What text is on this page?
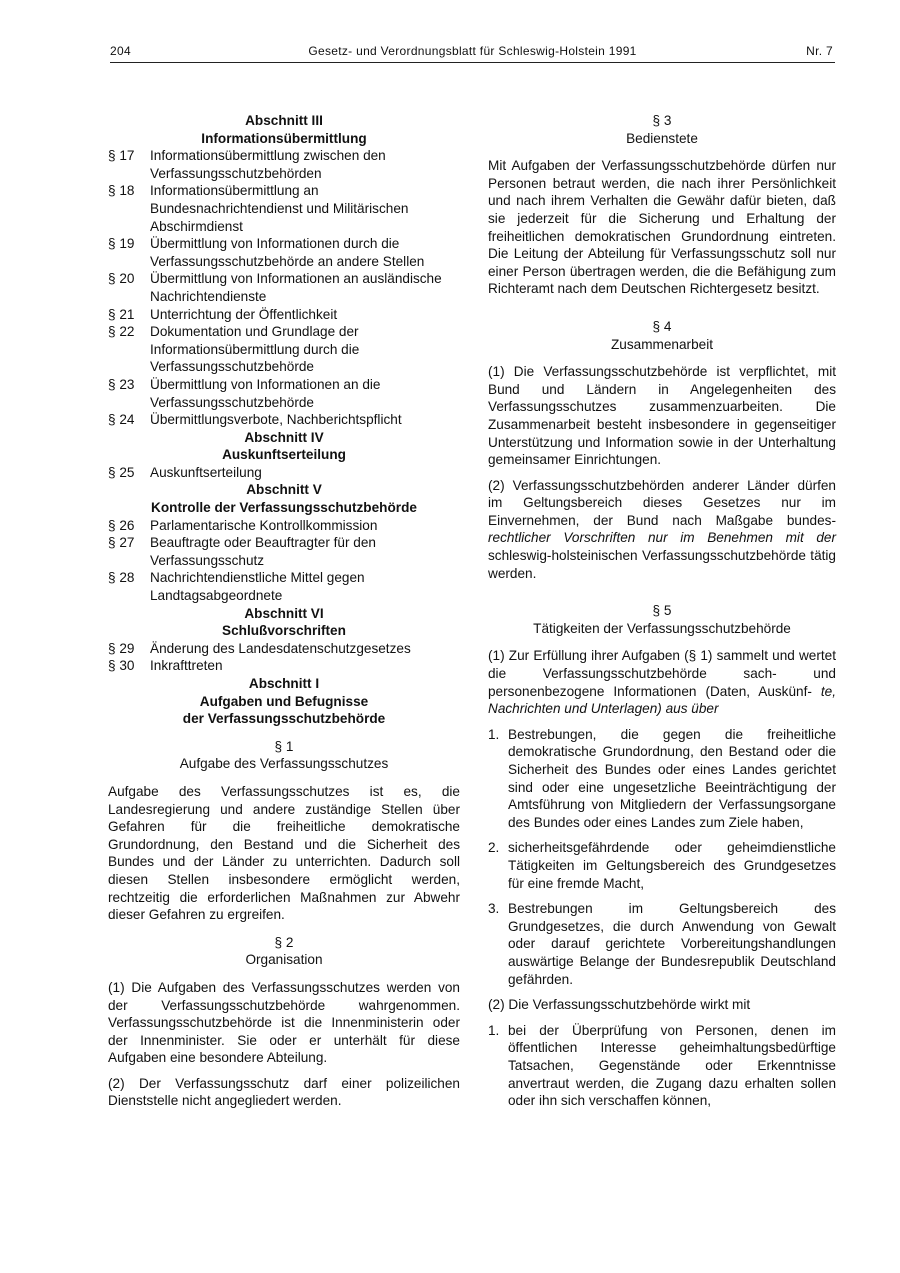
204	Gesetz- und Verordnungsblatt für Schleswig-Holstein 1991	Nr. 7

Abschnitt III

Informationsübermittlung

§ 17	Informationsübermittlung zwischen den Verfassungsschutzbehörden
§ 18	Informationsübermittlung an Bundesnachrichtendienst und Militärischen Abschirmdienst
§ 19	Übermittlung von Informationen durch die Verfassungsschutzbehörde an andere Stellen
§ 20	Übermittlung von Informationen an ausländische Nachrichtendienste
§ 21	Unterrichtung der Öffentlichkeit
§ 22	Dokumentation und Grundlage der Informationsübermittlung durch die Verfassungsschutzbehörde
§ 23	Übermittlung von Informationen an die Verfassungsschutzbehörde
§ 24	Übermittlungsverbote, Nachberichtspflicht

Abschnitt IV

Auskunftserteilung

§ 25	Auskunftserteilung

Abschnitt V

Kontrolle der Verfassungsschutzbehörde

§ 26	Parlamentarische Kontrollkommission
§ 27	Beauftragte oder Beauftragter für den Verfassungsschutz
§ 28	Nachrichtendienstliche Mittel gegen Landtagsabgeordnete

Abschnitt VI

Schlußvorschriften

§ 29	Änderung des Landesdatenschutzgesetzes
§ 30	Inkrafttreten

Abschnitt I

Aufgaben und Befugnisse

der Verfassungsschutzbehörde

§ 1

Aufgabe des Verfassungsschutzes

Aufgabe des Verfassungsschutzes ist es, die Landesregierung und andere zuständige Stellen über Gefahren für die freiheitliche demokratische Grundordnung, den Bestand und die Sicherheit des Bundes und der Länder zu unterrichten. Dadurch soll diesen Stellen insbesondere ermöglicht werden, rechtzeitig die erforderlichen Maßnahmen zur Abwehr dieser Gefahren zu ergreifen.

§ 2

Organisation

(1) Die Aufgaben des Verfassungsschutzes werden von der Verfassungsschutzbehörde wahrgenommen. Verfassungsschutzbehörde ist die Innenministerin oder der Innenminister. Sie oder er unterhält für diese Aufgaben eine besondere Abteilung.

(2) Der Verfassungsschutz darf einer polizeilichen Dienststelle nicht angegliedert werden.

§ 3

Bedienstete

Mit Aufgaben der Verfassungsschutzbehörde dürfen nur Personen betraut werden, die nach ihrer Persönlichkeit und nach ihrem Verhalten die Gewähr dafür bieten, daß sie jederzeit für die Sicherung und Erhaltung der freiheitlichen demokratischen Grundordnung eintreten. Die Leitung der Abteilung für Verfassungsschutz soll nur einer Person übertragen werden, die die Befähigung zum Richteramt nach dem Deutschen Richtergesetz besitzt.

§ 4

Zusammenarbeit

(1) Die Verfassungsschutzbehörde ist verpflichtet, mit Bund und Ländern in Angelegenheiten des Verfassungsschutzes zusammenzuarbeiten. Die Zusammenarbeit besteht insbesondere in gegenseitiger Unterstützung und Information sowie in der Unterhaltung gemeinsamer Einrichtungen.

(2) Verfassungsschutzbehörden anderer Länder dürfen im Geltungsbereich dieses Gesetzes nur im Einvernehmen, der Bund nach Maßgabe bundes- rechtlicher Vorschriften nur im Benehmen mit der schleswig-holsteinischen Verfassungsschutzbehörde tätig werden.

§ 5

Tätigkeiten der Verfassungsschutzbehörde

(1) Zur Erfüllung ihrer Aufgaben (§ 1) sammelt und wertet die Verfassungsschutzbehörde sach- und personenbezogene Informationen (Daten, Auskünf- te, Nachrichten und Unterlagen) aus über

1. Bestrebungen, die gegen die freiheitliche demokratische Grundordnung, den Bestand oder die Sicherheit des Bundes oder eines Landes gerichtet sind oder eine ungesetzliche Beeinträchtigung der Amtsführung von Mitgliedern der Verfassungsorgane des Bundes oder eines Landes zum Ziele haben,
2. sicherheitsgefährdende oder geheimdienstliche Tätigkeiten im Geltungsbereich des Grundgesetzes für eine fremde Macht,
3. Bestrebungen im Geltungsbereich des Grundgesetzes, die durch Anwendung von Gewalt oder darauf gerichtete Vorbereitungshandlungen auswärtige Belange der Bundesrepublik Deutschland gefährden.

(2) Die Verfassungsschutzbehörde wirkt mit

1. bei der Überprüfung von Personen, denen im öffentlichen Interesse geheimhaltungsbedürftige Tatsachen, Gegenstände oder Erkenntnisse anvertraut werden, die Zugang dazu erhalten sollen oder ihn sich verschaffen können,
